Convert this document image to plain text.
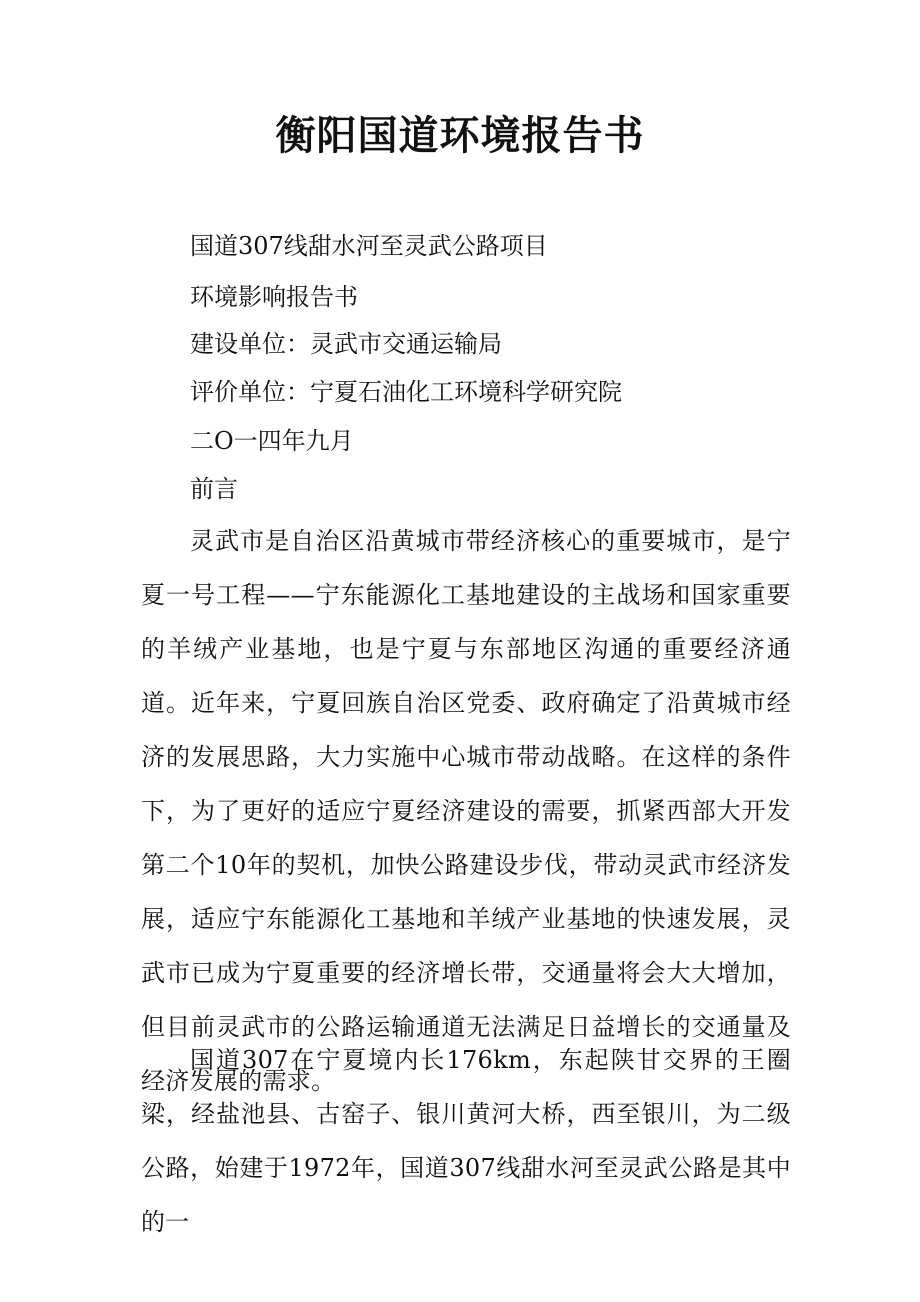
衡阳国道环境报告书
国道307线甜水河至灵武公路项目
环境影响报告书
建设单位：灵武市交通运输局
评价单位：宁夏石油化工环境科学研究院
二O一四年九月
前言
灵武市是自治区沿黄城市带经济核心的重要城市，是宁夏一号工程——宁东能源化工基地建设的主战场和国家重要的羊绒产业基地，也是宁夏与东部地区沟通的重要经济通道。近年来，宁夏回族自治区党委、政府确定了沿黄城市经济的发展思路，大力实施中心城市带动战略。在这样的条件下，为了更好的适应宁夏经济建设的需要，抓紧西部大开发第二个10年的契机，加快公路建设步伐，带动灵武市经济发展，适应宁东能源化工基地和羊绒产业基地的快速发展，灵武市已成为宁夏重要的经济增长带，交通量将会大大增加，但目前灵武市的公路运输通道无法满足日益增长的交通量及经济发展的需求。
国道307在宁夏境内长176km，东起陕甘交界的王圈梁，经盐池县、古窑子、银川黄河大桥，西至银川，为二级公路，始建于1972年，国道307线甜水河至灵武公路是其中的一
